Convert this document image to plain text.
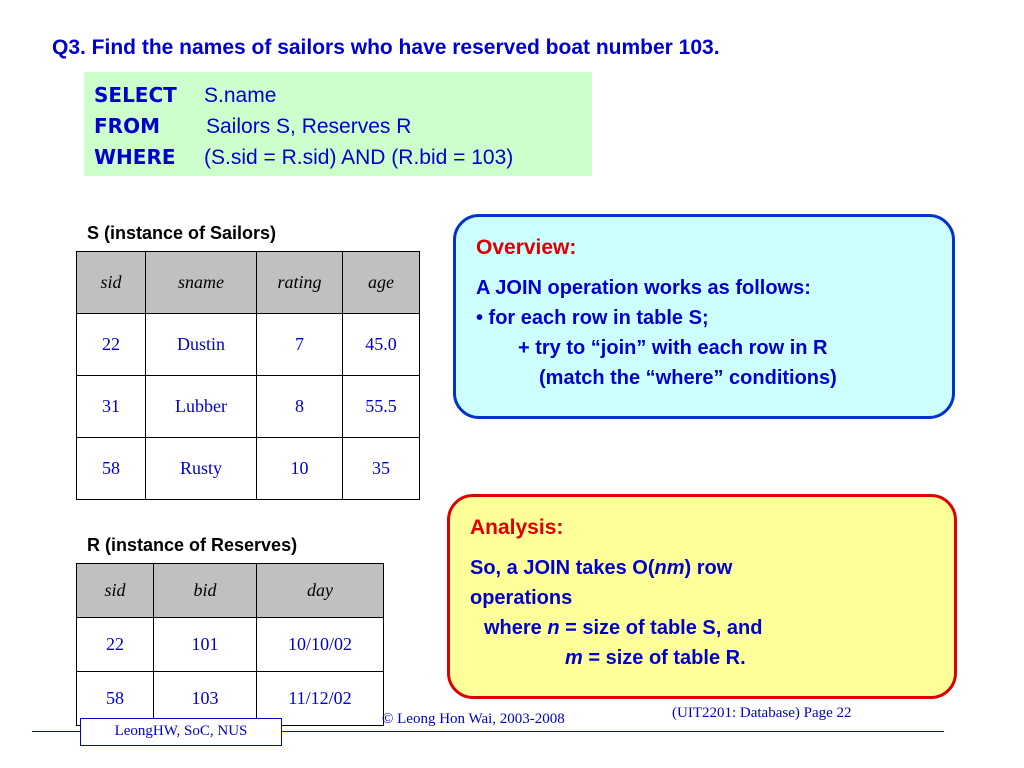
Q3. Find the names of sailors who have reserved boat number 103.
SELECT S.name
FROM Sailors S, Reserves R
WHERE (S.sid = R.sid) AND (R.bid = 103)
S (instance of Sailors)
sid	sname	rating	age
22	Dustin	7	45.0
31	Lubber	8	55.5
58	Rusty	10	35
R (instance of Reserves)
sid	bid	day
22	101	10/10/02
58	103	11/12/02
Overview:
A JOIN operation works as follows:
• for each row in table S;
+ try to “join” with each row in R
(match the “where” conditions)
Analysis:
So, a JOIN takes O(nm) row
operations
where n = size of table S, and
m = size of table R.
LeongHW, SoC, NUS
© Leong Hon Wai, 2003-2008	(UIT2201: Database) Page 22
